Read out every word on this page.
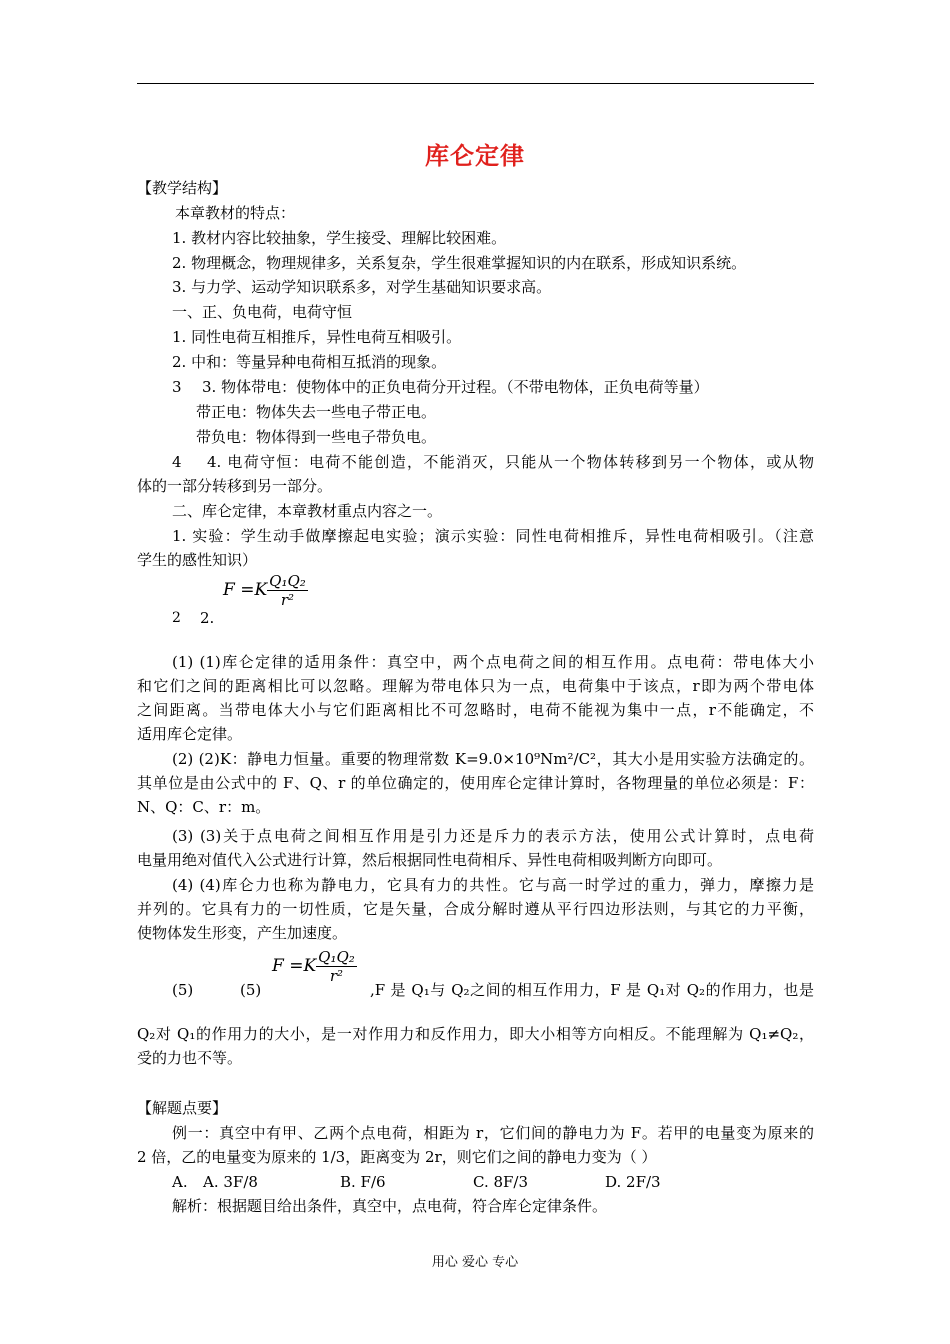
库仑定律
【教学结构】
本章教材的特点：
1. 教材内容比较抽象，学生接受、理解比较困难。
2. 物理概念，物理规律多，关系复杂，学生很难掌握知识的内在联系，形成知识系统。
3. 与力学、运动学知识联系多，对学生基础知识要求高。
一、正、负电荷，电荷守恒
1. 同性电荷互相推斥，异性电荷互相吸引。
2. 中和：等量异种电荷相互抵消的现象。
3 3. 物体带电：使物体中的正负电荷分开过程。（不带电物体，正负电荷等量）
带正电：物体失去一些电子带正电。
带负电：物体得到一些电子带负电。
4 4. 电荷守恒：电荷不能创造，不能消灭，只能从一个物体转移到另一个物体，或从物
体的一部分转移到另一部分。
二、库仑定律，本章教材重点内容之一。
1. 实验：学生动手做摩擦起电实验；演示实验：同性电荷相推斥，异性电荷相吸引。（注意
学生的感性知识）
$F =K \frac{\text{Q₁Q₂}}{\text{r²}}$
2 2.
(1) (1)库仑定律的适用条件：真空中，两个点电荷之间的相互作用。点电荷：带电体大小
和它们之间的距离相比可以忽略。理解为带电体只为一点，电荷集中于该点，r即为两个带电体
之间距离。当带电体大小与它们距离相比不可忽略时，电荷不能视为集中一点，r不能确定，不
适用库仑定律。
(2) (2)K：静电力恒量。重要的物理常数 K=9.0×10⁹Nm²/C²，其大小是用实验方法确定的。
其单位是由公式中的 F、Q、r 的单位确定的，使用库仑定律计算时，各物理量的单位必须是：F：
N、Q：C、r：m。
(3) (3)关于点电荷之间相互作用是引力还是斥力的表示方法，使用公式计算时，点电荷
电量用绝对值代入公式进行计算，然后根据同性电荷相斥、异性电荷相吸判断方向即可。
(4) (4)库仑力也称为静电力，它具有力的共性。它与高一时学过的重力，弹力，摩擦力是
并列的。它具有力的一切性质，它是矢量，合成分解时遵从平行四边形法则，与其它的力平衡，
使物体发生形变，产生加速度。
$F =K \frac{\text{Q₁Q₂}}{\text{r²}}$
(5)	(5)	,F 是 Q₁与 Q₂之间的相互作用力，F 是 Q₁对 Q₂的作用力，也是
Q₂对 Q₁的作用力的大小，是一对作用力和反作用力，即大小相等方向相反。不能理解为 Q₁≠Q₂，
受的力也不等。
【解题点要】
例一：真空中有甲、乙两个点电荷，相距为 r，它们间的静电力为 F。若甲的电量变为原来的
2 倍，乙的电量变为原来的 1/3，距离变为 2r，则它们之间的静电力变为（ ）
A. A. 3F/8	B. F/6	C. 8F/3	D. 2F/3
解析：根据题目给出条件，真空中，点电荷，符合库仑定律条件。
用心 爱心 专心
